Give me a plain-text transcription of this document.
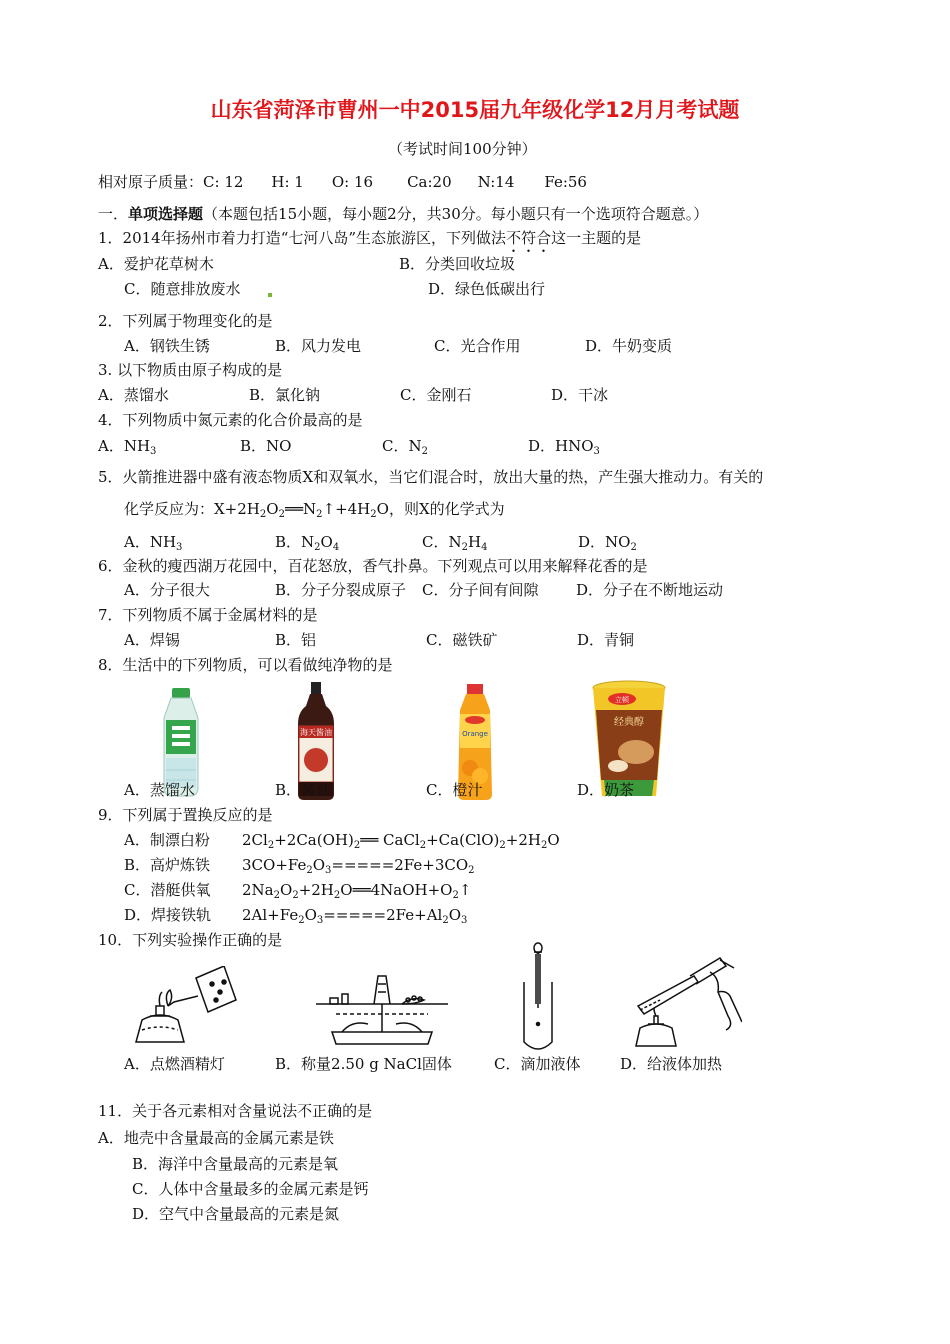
山东省菏泽市曹州一中2015届九年级化学12月月考试题
（考试时间100分钟）
相对原子质量：C: 12 H: 1 O: 16 Ca:20 N:14 Fe:56
一．单项选择题（本题包括15小题，每小题2分，共30分。每小题只有一个选项符合题意。）
1．2014年扬州市着力打造“七河八岛”生态旅游区，下列做法不符合这一主题的是
A．爱护花草树木	B．分类回收垃圾
C．随意排放废水	D．绿色低碳出行
2．下列属于物理变化的是
A．钢铁生锈	B．风力发电	C．光合作用	D．牛奶变质
3. 以下物质由原子构成的是
A．蒸馏水	B．氯化钠	C．金刚石	D．干冰
4．下列物质中氮元素的化合价最高的是
A．$NH_3$	B．NO	C．$N_2$	D．$HNO_3$
5．火箭推进器中盛有液态物质X和双氧水，当它们混合时，放出大量的热，产生强大推动力。有关的
化学反应为：$X+2H_2O_2══N_2↑+4H_2O$，则X的化学式为
A．$NH_3$	B．$N_2O_4$	C．$N_2H_4$	D．$NO_2$
6．金秋的瘦西湖万花园中，百花怒放，香气扑鼻。下列观点可以用来解释花香的是
A．分子很大	B．分子分裂成原子 C．分子间有间隙	D．分子在不断地运动
7．下列物质不属于金属材料的是
A．焊锡	B．铝	C．磁铁矿	D．青铜
8．生活中的下列物质，可以看做纯净物的是
海天酱油	Orange
立顿
经典醇
A．蒸馏水	B．酱油	C．橙汁	D．奶茶
9．下列属于置换反应的是
A．制漂白粉 $2Cl_2+2Ca(OH)_2══$ $CaCl_2+Ca(ClO)_2+2H_2O$
B．高炉炼铁 $3CO+Fe_2O_3=====2Fe+3CO_2$
C．潜艇供氧 $2Na_2O_2+2H_2O══4NaOH+O_2↑$
D．焊接铁轨 $2Al+Fe_2O_3=====2Fe+Al_2O_3$
10．下列实验操作正确的是
A．点燃酒精灯	B．称量2.50 g NaCl固体	C．滴加液体	D．给液体加热
11．关于各元素相对含量说法不正确的是
A．地壳中含量最高的金属元素是铁
B．海洋中含量最高的元素是氧
C．人体中含量最多的金属元素是钙
D．空气中含量最高的元素是氮
